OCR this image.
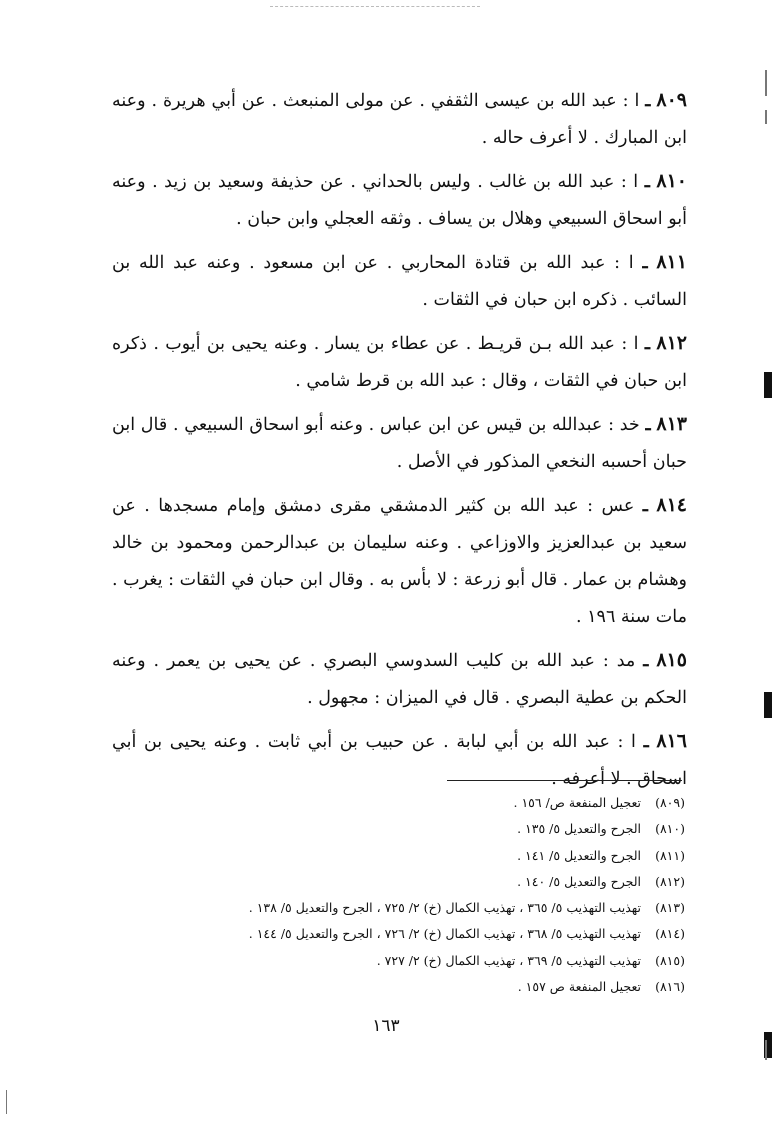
٨٠٩ ـ ا : عبد الله بن عيسى الثقفي . عن مولى المنبعث . عن أبي هريرة . وعنه ابن المبارك . لا أعرف حاله .

٨١٠ ـ ا : عبد الله بن غالب . وليس بالحداني . عن حذيفة وسعيد بن زيد . وعنه أبو اسحاق السبيعي وهلال بن يساف . وثقه العجلي وابن حبان .

٨١١ ـ ا : عبد الله بن قتادة المحاربي . عن ابن مسعود . وعنه عبد الله بن السائب . ذكره ابن حبان في الثقات .

٨١٢ ـ ا : عبد الله بـن قريـط . عن عطاء بن يسار . وعنه يحيى بن أيوب . ذكره ابن حبان في الثقات ، وقال : عبد الله بن قرط شامي .

٨١٣ ـ خد : عبدالله بن قيس عن ابن عباس . وعنه أبو اسحاق السبيعي . قال ابن حبان أحسبه النخعي المذكور في الأصل .

٨١٤ ـ عس : عبد الله بن كثير الدمشقي مقرى دمشق وإمام مسجدها . عن سعيد بن عبدالعزيز والاوزاعي . وعنه سليمان بن عبدالرحمن ومحمود بن خالد وهشام بن عمار . قال أبو زرعة : لا بأس به . وقال ابن حبان في الثقات : يغرب . مات سنة ١٩٦ .

٨١٥ ـ مد : عبد الله بن كليب السدوسي البصري . عن يحيى بن يعمر . وعنه الحكم بن عطية البصري . قال في الميزان : مجهول .

٨١٦ ـ ا : عبد الله بن أبي لبابة . عن حبيب بن أبي ثابت . وعنه يحيى بن أبي اسحاق . لا أعرفه .

(٨٠٩)تعجيل المنفعة ص/ ١٥٦ .
(٨١٠)الجرح والتعديل ٥/ ١٣٥ .
(٨١١)الجرح والتعديل ٥/ ١٤١ .
(٨١٢)الجرح والتعديل ٥/ ١٤٠ .
(٨١٣)تهذيب التهذيب ٥/ ٣٦٥ ، تهذيب الكمال (خ) ٢/ ٧٢٥ ، الجرح والتعديل ٥/ ١٣٨ .
(٨١٤)تهذيب التهذيب ٥/ ٣٦٨ ، تهذيب الكمال (خ) ٢/ ٧٢٦ ، الجرح والتعديل ٥/ ١٤٤ .
(٨١٥)تهذيب التهذيب ٥/ ٣٦٩ ، تهذيب الكمال (خ) ٢/ ٧٢٧ .
(٨١٦)تعجيل المنفعة ص ١٥٧ .
١٦٣
